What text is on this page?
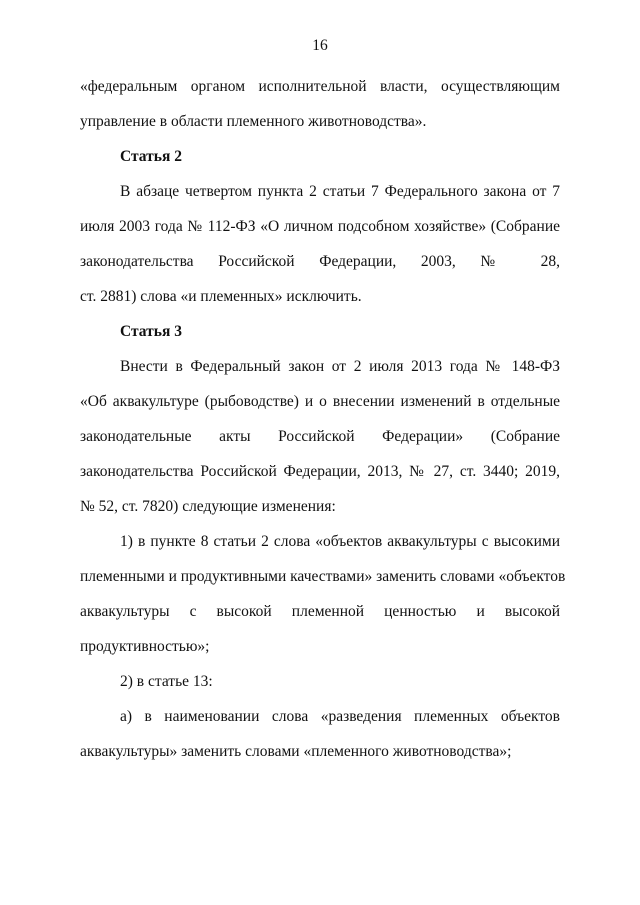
16
«федеральным органом исполнительной власти, осуществляющим
управление в области племенного животноводства».
Статья 2
В абзаце четвертом пункта 2 статьи 7 Федерального закона от 7
июля 2003 года № 112-ФЗ «О личном подсобном хозяйстве» (Собрание
законодательства Российской Федерации, 2003, № 28,
ст. 2881) слова «и племенных» исключить.
Статья 3
Внести в Федеральный закон от 2 июля 2013 года № 148-ФЗ
«Об аквакультуре (рыбоводстве) и о внесении изменений в отдельные
законодательные акты Российской Федерации» (Собрание
законодательства Российской Федерации, 2013, № 27, ст. 3440; 2019,
№ 52, ст. 7820) следующие изменения:
1) в пункте 8 статьи 2 слова «объектов аквакультуры с высокими
племенными и продуктивными качествами» заменить словами «объектов
аквакультуры с высокой племенной ценностью и высокой
продуктивностью»;
2) в статье 13:
а) в наименовании слова «разведения племенных объектов
аквакультуры» заменить словами «племенного животноводства»;
